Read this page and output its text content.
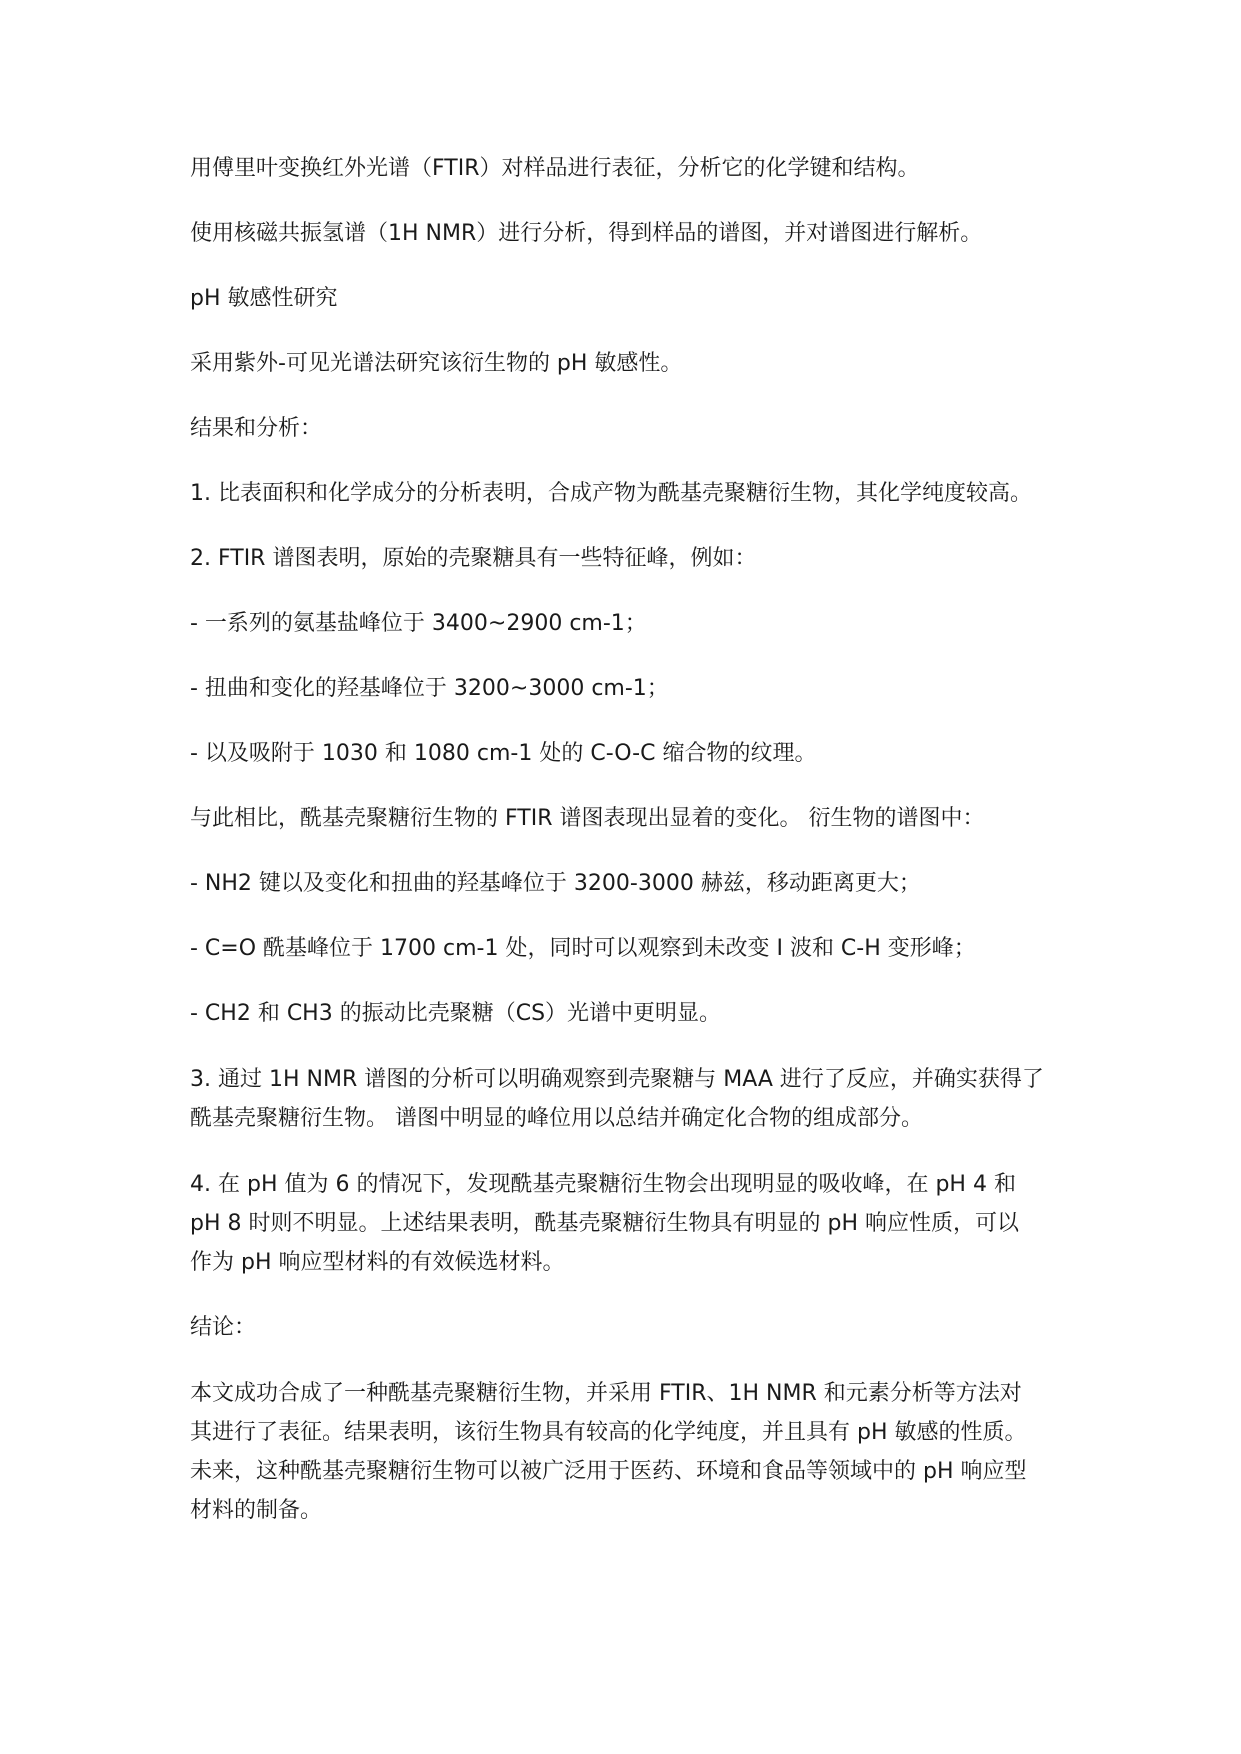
用傅里叶变换红外光谱（FTIR）对样品进行表征，分析它的化学键和结构。

使用核磁共振氢谱（1H NMR）进行分析，得到样品的谱图，并对谱图进行解析。

pH 敏感性研究

采用紫外-可见光谱法研究该衍生物的 pH 敏感性。

结果和分析：

1. 比表面积和化学成分的分析表明，合成产物为酰基壳聚糖衍生物，其化学纯度较高。

2. FTIR 谱图表明，原始的壳聚糖具有一些特征峰，例如：

- 一系列的氨基盐峰位于 3400~2900 cm-1；

- 扭曲和变化的羟基峰位于 3200~3000 cm-1；

- 以及吸附于 1030 和 1080 cm-1 处的 C-O-C 缩合物的纹理。

与此相比，酰基壳聚糖衍生物的 FTIR 谱图表现出显着的变化。 衍生物的谱图中：

- NH2 键以及变化和扭曲的羟基峰位于 3200-3000 赫兹，移动距离更大；

- C=O 酰基峰位于 1700 cm-1 处，同时可以观察到未改变 I 波和 C-H 变形峰；

- CH2 和 CH3 的振动比壳聚糖（CS）光谱中更明显。

3. 通过 1H NMR 谱图的分析可以明确观察到壳聚糖与 MAA 进行了反应，并确实获得了
酰基壳聚糖衍生物。 谱图中明显的峰位用以总结并确定化合物的组成部分。

4. 在 pH 值为 6 的情况下，发现酰基壳聚糖衍生物会出现明显的吸收峰，在 pH 4 和
pH 8 时则不明显。上述结果表明，酰基壳聚糖衍生物具有明显的 pH 响应性质，可以
作为 pH 响应型材料的有效候选材料。

结论：

本文成功合成了一种酰基壳聚糖衍生物，并采用 FTIR、1H NMR 和元素分析等方法对
其进行了表征。结果表明，该衍生物具有较高的化学纯度，并且具有 pH 敏感的性质。
未来，这种酰基壳聚糖衍生物可以被广泛用于医药、环境和食品等领域中的 pH 响应型
材料的制备。
